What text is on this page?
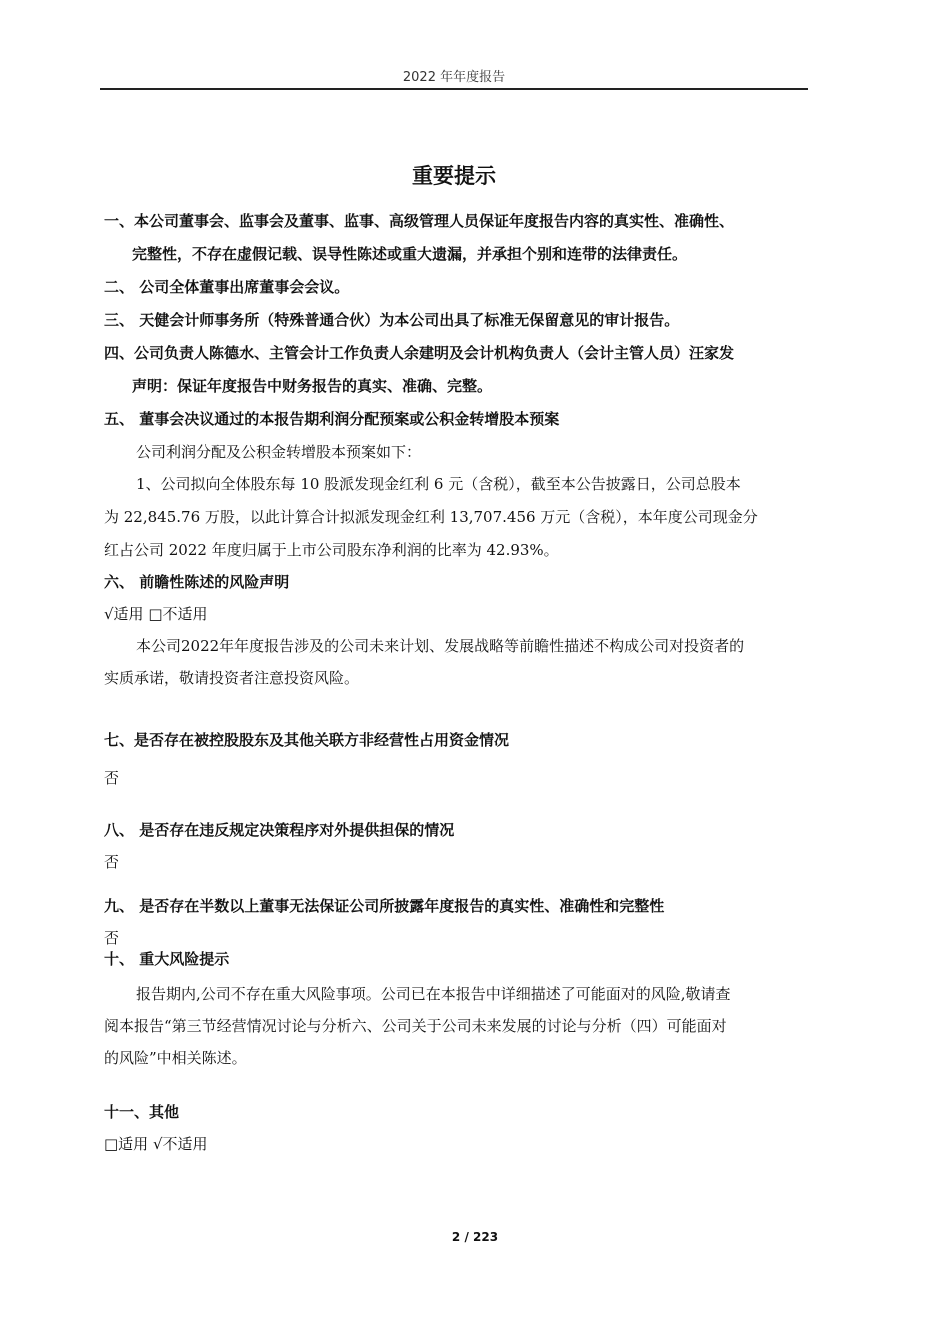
2022 年年度报告
重要提示
一、本公司董事会、监事会及董事、监事、高级管理人员保证年度报告内容的真实性、准确性、
完整性，不存在虚假记载、误导性陈述或重大遗漏，并承担个别和连带的法律责任。
二、 公司全体董事出席董事会会议。
三、 天健会计师事务所（特殊普通合伙）为本公司出具了标准无保留意见的审计报告。
四、公司负责人陈德水、主管会计工作负责人余建明及会计机构负责人（会计主管人员）汪家发
声明：保证年度报告中财务报告的真实、准确、完整。
五、 董事会决议通过的本报告期利润分配预案或公积金转增股本预案
公司利润分配及公积金转增股本预案如下：
1、公司拟向全体股东每 10 股派发现金红利 6 元（含税），截至本公告披露日，公司总股本
为 22,845.76 万股，以此计算合计拟派发现金红利 13,707.456 万元（含税），本年度公司现金分
红占公司 2022 年度归属于上市公司股东净利润的比率为 42.93%。
六、 前瞻性陈述的风险声明
√适用 □不适用
本公司2022年年度报告涉及的公司未来计划、发展战略等前瞻性描述不构成公司对投资者的
实质承诺，敬请投资者注意投资风险。
七、是否存在被控股股东及其他关联方非经营性占用资金情况
否
八、 是否存在违反规定决策程序对外提供担保的情况
否
九、 是否存在半数以上董事无法保证公司所披露年度报告的真实性、准确性和完整性
否
十、 重大风险提示
报告期内,公司不存在重大风险事项。公司已在本报告中详细描述了可能面对的风险,敬请查
阅本报告“第三节经营情况讨论与分析六、公司关于公司未来发展的讨论与分析（四）可能面对
的风险”中相关陈述。
十一、其他
□适用 √不适用
2 / 223
